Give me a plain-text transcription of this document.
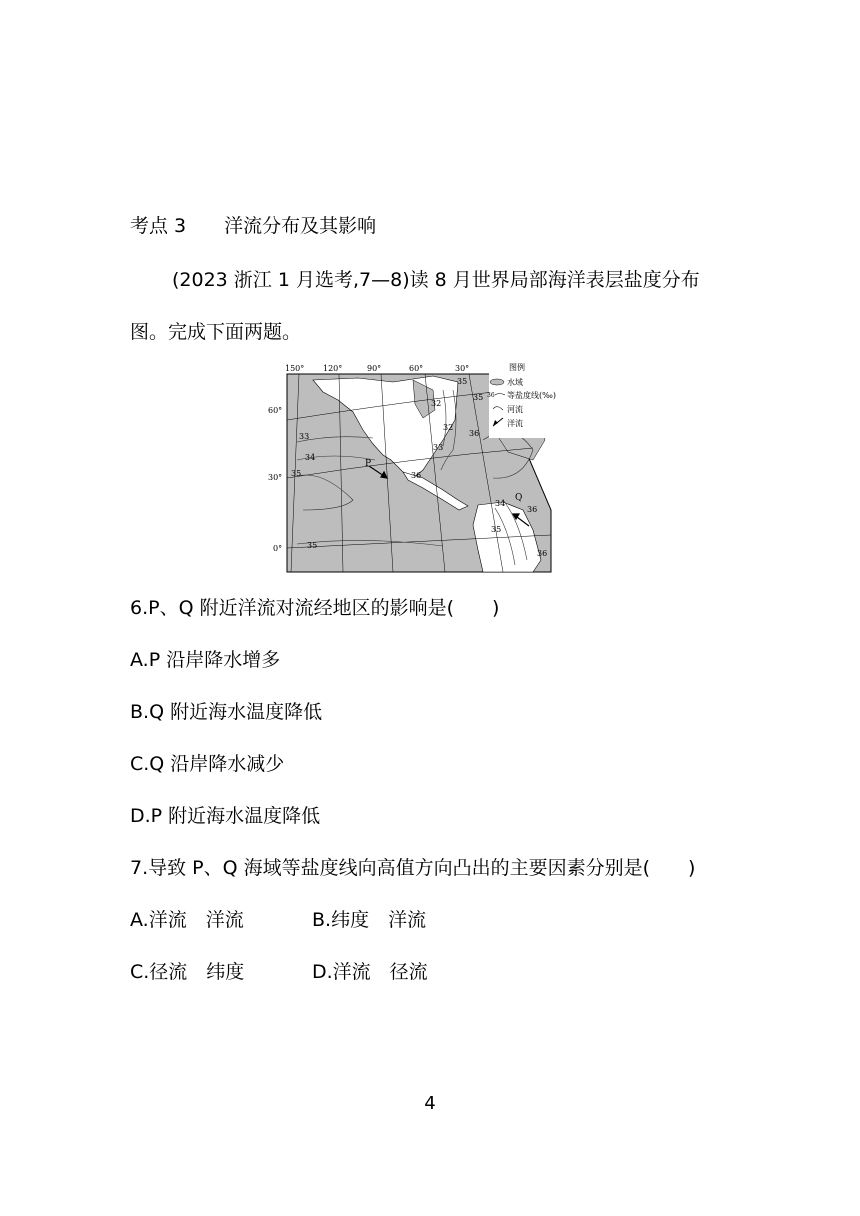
考点 3　　洋流分布及其影响
(2023 浙江 1 月选考,7—8)读 8 月世界局部海洋表层盐度分布
图。完成下面两题。
150° 120°	90°	60°	30°
60°
30°
0°
33
34
35
35
32
35
35
32
33
36
36
34
36
35
36
P
Q
图例
水域
36 等盐度线(‰)
河流
洋流
6.P、Q 附近洋流对流经地区的影响是(　　)
A.P 沿岸降水增多
B.Q 附近海水温度降低
C.Q 沿岸降水减少
D.P 附近海水温度降低
7.导致 P、Q 海域等盐度线向高值方向凸出的主要因素分别是(　　)
A.洋流　洋流	B.纬度　洋流
C.径流　纬度	D.洋流　径流
4
